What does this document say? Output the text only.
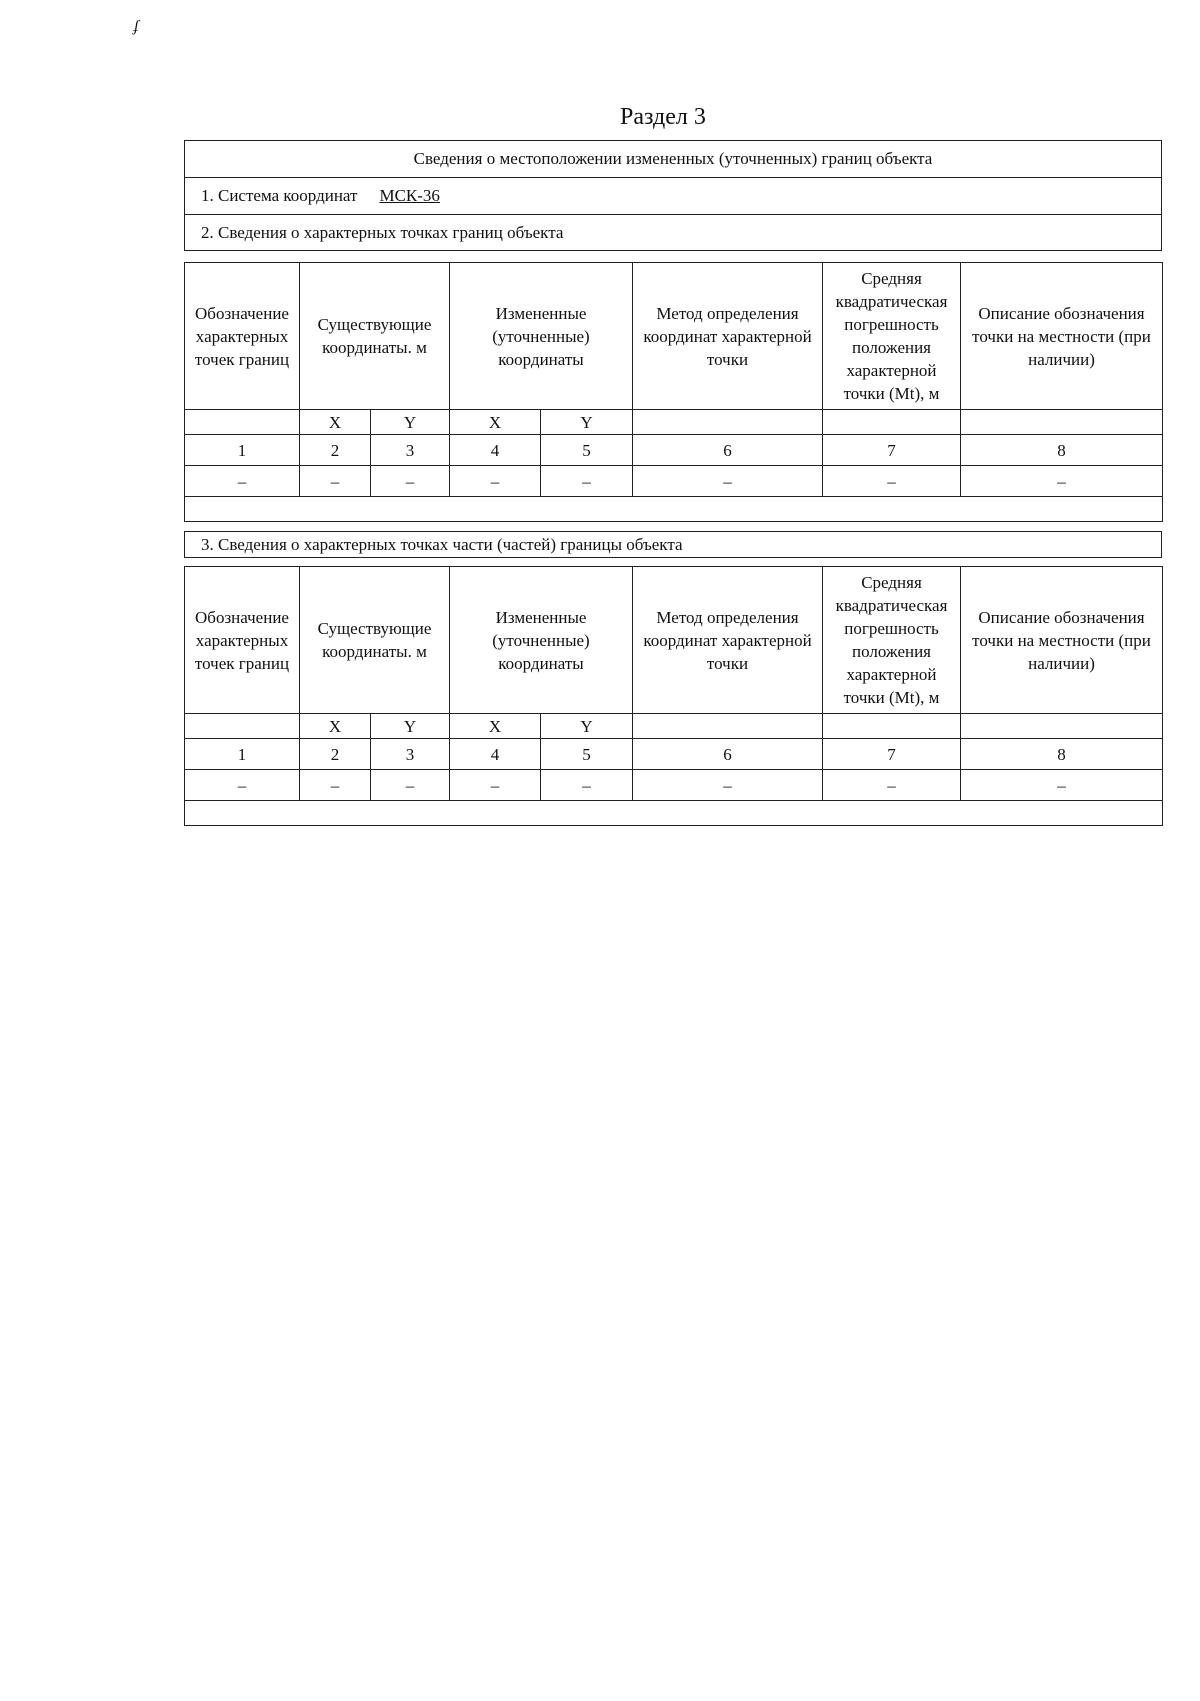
ʄ
Раздел 3
Сведения о местоположении измененных (уточненных) границ объекта
1. Система координат МСК-36
2. Сведения о характерных точках границ объекта
Обозначение характерных точек границ	Существующие координаты. м		Измененные (уточненные) координаты		Метод определения координат характерной точки	Средняя квадратическая погрешность положения характерной точки (Mt), м	Описание обозначения точки на местности (при наличии)
	X	Y	X	Y			
1	2	3	4	5	6	7	8
–	–	–	–	–	–	–	–

3. Сведения о характерных точках части (частей) границы объекта
Обозначение характерных точек границ	Существующие координаты. м		Измененные (уточненные) координаты		Метод определения координат характерной точки	Средняя квадратическая погрешность положения характерной точки (Mt), м	Описание обозначения точки на местности (при наличии)
	X	Y	X	Y			
1	2	3	4	5	6	7	8
–	–	–	–	–	–	–	–
